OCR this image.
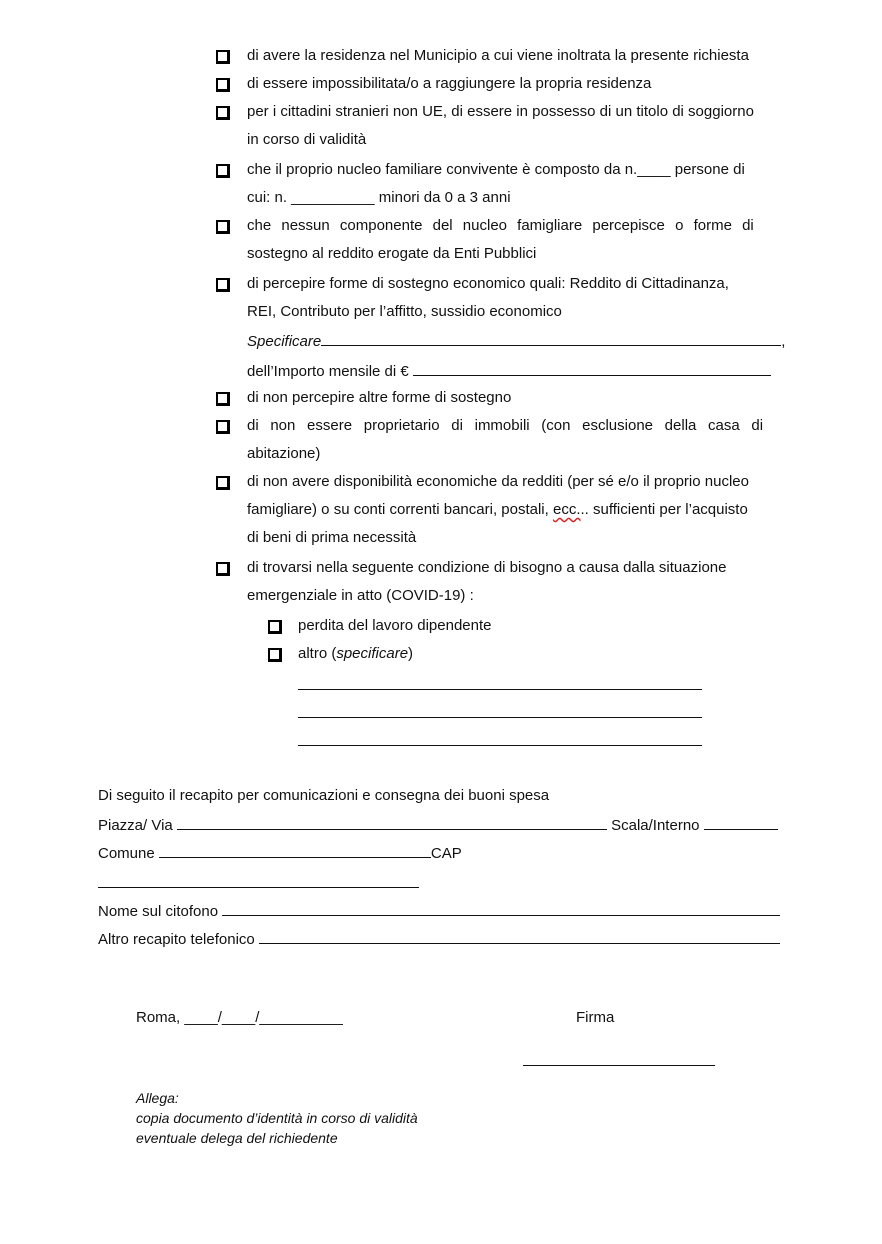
di avere la residenza nel Municipio a cui viene inoltrata la presente richiesta
di essere impossibilitata/o a raggiungere la propria residenza
per i cittadini stranieri non UE, di essere in possesso di un titolo di soggiorno
in corso di validità
che il proprio nucleo familiare convivente è composto da n.____ persone di
cui: n. __________ minori da 0 a 3 anni
che nessun componente del nucleo famigliare percepisce o forme di
sostegno al reddito erogate da Enti Pubblici
di percepire forme di sostegno economico quali: Reddito di Cittadinanza,
REI, Contributo per l’affitto, sussidio economico
Specificare	,
dell’Importo mensile di €
di non percepire altre forme di sostegno
di non essere proprietario di immobili (con esclusione della casa di
abitazione)
di non avere disponibilità economiche da redditi (per sé e/o il proprio nucleo
famigliare) o su conti correnti bancari, postali, ecc... sufficienti per l’acquisto
di beni di prima necessità
di trovarsi nella seguente condizione di bisogno a causa dalla situazione
emergenziale in atto (COVID-19) :
perdita del lavoro dipendente
altro (specificare)
Di seguito il recapito per comunicazioni e consegna dei buoni spesa
Piazza/ Via	Scala/Interno
Comune	CAP
Nome sul citofono
Altro recapito telefonico
Roma, ____/____/__________	Firma
Allega:
copia documento d’identità in corso di validità
eventuale delega del richiedente
